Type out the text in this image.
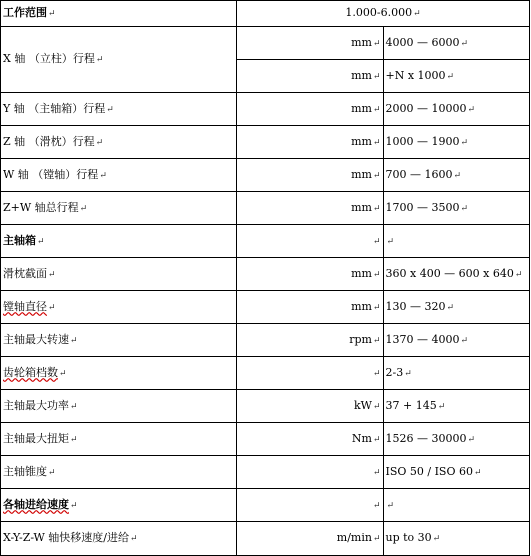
工作范围↵	1.000-6.000↵	
X 轴 （立柱）行程↵	mm↵	4000 — 6000↵
	mm↵	+N x 1000↵
Y 轴 （主轴箱）行程↵	mm↵	2000 — 10000↵
Z 轴 （滑枕）行程↵	mm↵	1000 — 1900↵
W 轴 （镗轴）行程↵	mm↵	700 — 1600↵
Z+W 轴总行程↵	mm↵	1700 — 3500↵
主轴箱↵	↵	↵
滑枕截面↵	mm↵	360 x 400 — 600 x 640↵
镗轴直径↵	mm↵	130 — 320↵
主轴最大转速↵	rpm↵	1370 — 4000↵
齿轮箱档数↵	↵	2-3↵
主轴最大功率↵	kW↵	37 + 145↵
主轴最大扭矩↵	Nm↵	1526 — 30000↵
主轴锥度↵	↵	ISO 50 / ISO 60↵
各轴进给速度↵	↵	↵
X-Y-Z-W 轴快移速度/进给↵	m/min↵	up to 30↵
